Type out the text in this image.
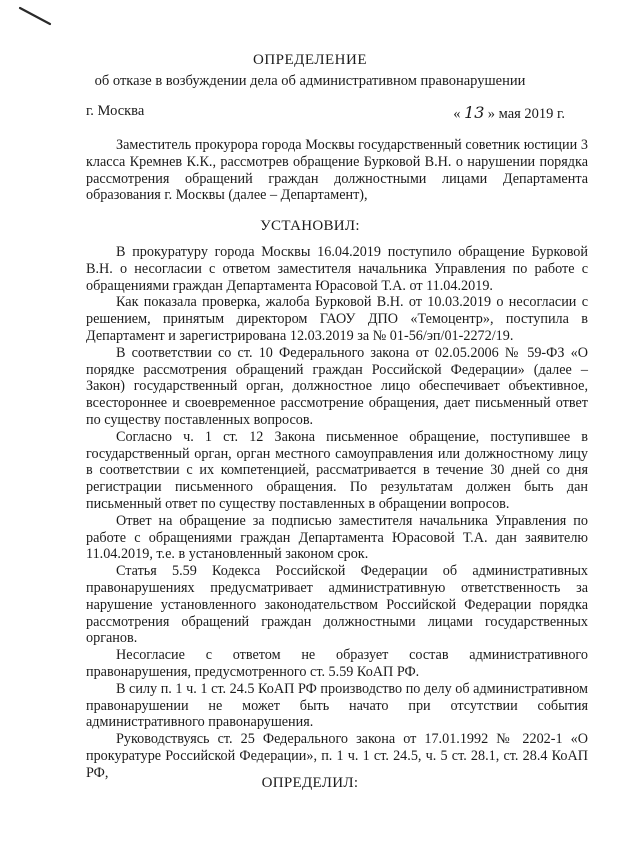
ОПРЕДЕЛЕНИЕ
об отказе в возбуждении дела об административном правонарушении
г. Москва	« 13 » мая 2019 г.

Заместитель прокурора города Москвы государственный советник юстиции 3 класса Кремнев К.К., рассмотрев обращение Бурковой В.Н. о нарушении порядка рассмотрения обращений граждан должностными лицами Департамента образования г. Москвы (далее – Департамент),

УСТАНОВИЛ:

В прокуратуру города Москвы 16.04.2019 поступило обращение Бурковой В.Н. о несогласии с ответом заместителя начальника Управления по работе с обращениями граждан Департамента Юрасовой Т.А. от 11.04.2019.

Как показала проверка, жалоба Бурковой В.Н. от 10.03.2019 о несогласии с решением, принятым директором ГАОУ ДПО «Темоцентр», поступила в Департамент и зарегистрирована 12.03.2019 за № 01-56/эп/01-2272/19.

В соответствии со ст. 10 Федерального закона от 02.05.2006 № 59-ФЗ «О порядке рассмотрения обращений граждан Российской Федерации» (далее – Закон) государственный орган, должностное лицо обеспечивает объективное, всестороннее и своевременное рассмотрение обращения, дает письменный ответ по существу поставленных вопросов.

Согласно ч. 1 ст. 12 Закона письменное обращение, поступившее в государственный орган, орган местного самоуправления или должностному лицу в соответствии с их компетенцией, рассматривается в течение 30 дней со дня регистрации письменного обращения. По результатам должен быть дан письменный ответ по существу поставленных в обращении вопросов.

Ответ на обращение за подписью заместителя начальника Управления по работе с обращениями граждан Департамента Юрасовой Т.А. дан заявителю 11.04.2019, т.е. в установленный законом срок.

Статья 5.59 Кодекса Российской Федерации об административных правонарушениях предусматривает административную ответственность за нарушение установленного законодательством Российской Федерации порядка рассмотрения обращений граждан должностными лицами государственных органов.

Несогласие с ответом не образует состав административного правонарушения, предусмотренного ст. 5.59 КоАП РФ.

В силу п. 1 ч. 1 ст. 24.5 КоАП РФ производство по делу об административном правонарушении не может быть начато при отсутствии события административного правонарушения.

Руководствуясь ст. 25 Федерального закона от 17.01.1992 № 2202-1 «О прокуратуре Российской Федерации», п. 1 ч. 1 ст. 24.5, ч. 5 ст. 28.1, ст. 28.4 КоАП РФ,

ОПРЕДЕЛИЛ:
